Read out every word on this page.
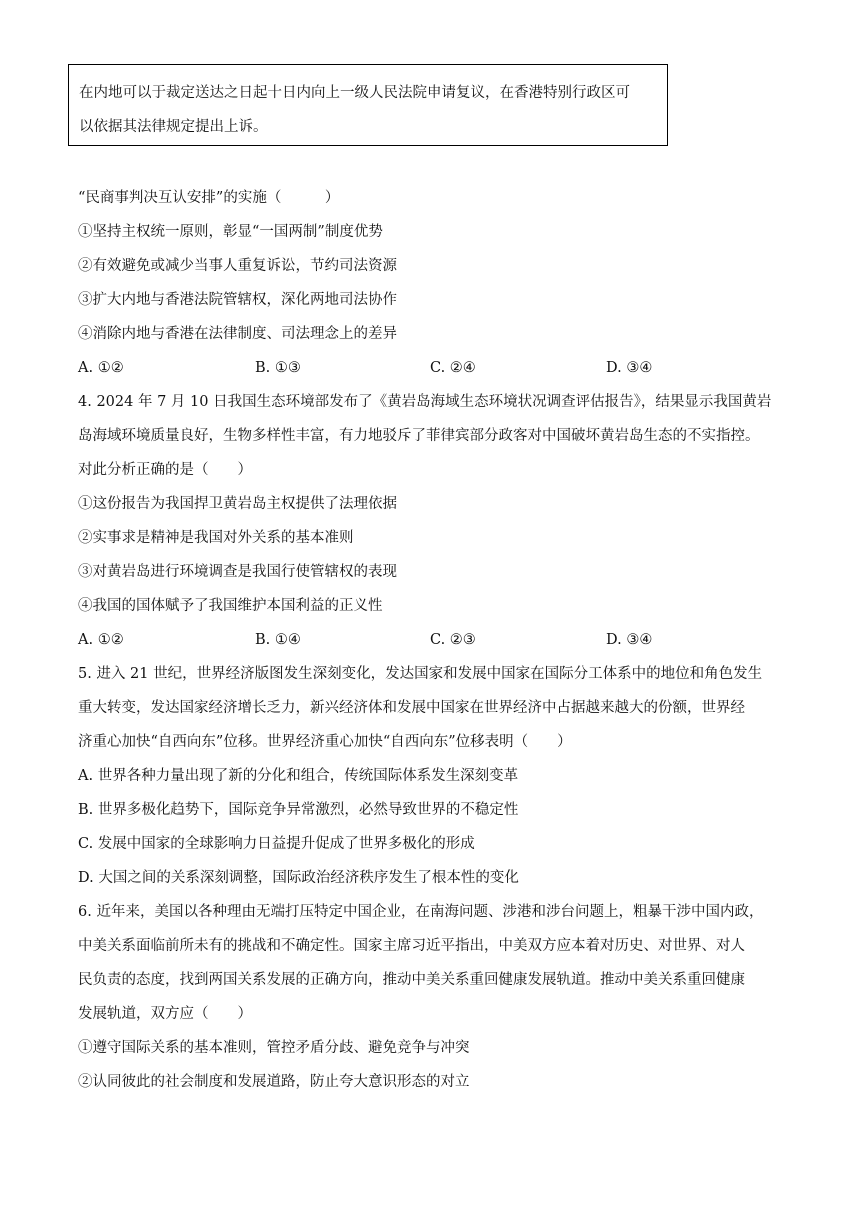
在内地可以于裁定送达之日起十日内向上一级人民法院申请复议，在香港特别行政区可
以依据其法律规定提出上诉。
“民商事判决互认安排”的实施（　　　）
①坚持主权统一原则，彰显“一国两制”制度优势
②有效避免或减少当事人重复诉讼，节约司法资源
③扩大内地与香港法院管辖权，深化两地司法协作
④消除内地与香港在法律制度、司法理念上的差异
A. ①②	B. ①③	C. ②④	D. ③④
4. 2024 年 7 月 10 日我国生态环境部发布了《黄岩岛海域生态环境状况调查评估报告》，结果显示我国黄岩
岛海域环境质量良好，生物多样性丰富，有力地驳斥了菲律宾部分政客对中国破坏黄岩岛生态的不实指控。
对此分析正确的是（　　）
①这份报告为我国捍卫黄岩岛主权提供了法理依据
②实事求是精神是我国对外关系的基本准则
③对黄岩岛进行环境调查是我国行使管辖权的表现
④我国的国体赋予了我国维护本国利益的正义性
A. ①②	B. ①④	C. ②③	D. ③④
5. 进入 21 世纪，世界经济版图发生深刻变化，发达国家和发展中国家在国际分工体系中的地位和角色发生
重大转变，发达国家经济增长乏力，新兴经济体和发展中国家在世界经济中占据越来越大的份额，世界经
济重心加快“自西向东”位移。世界经济重心加快“自西向东”位移表明（　　）
A. 世界各种力量出现了新的分化和组合，传统国际体系发生深刻变革
B. 世界多极化趋势下，国际竞争异常激烈，必然导致世界的不稳定性
C. 发展中国家的全球影响力日益提升促成了世界多极化的形成
D. 大国之间的关系深刻调整，国际政治经济秩序发生了根本性的变化
6. 近年来，美国以各种理由无端打压特定中国企业，在南海问题、涉港和涉台问题上，粗暴干涉中国内政，
中美关系面临前所未有的挑战和不确定性。国家主席习近平指出，中美双方应本着对历史、对世界、对人
民负责的态度，找到两国关系发展的正确方向，推动中美关系重回健康发展轨道。推动中美关系重回健康
发展轨道，双方应（　　）
①遵守国际关系的基本准则，管控矛盾分歧、避免竞争与冲突
②认同彼此的社会制度和发展道路，防止夸大意识形态的对立
